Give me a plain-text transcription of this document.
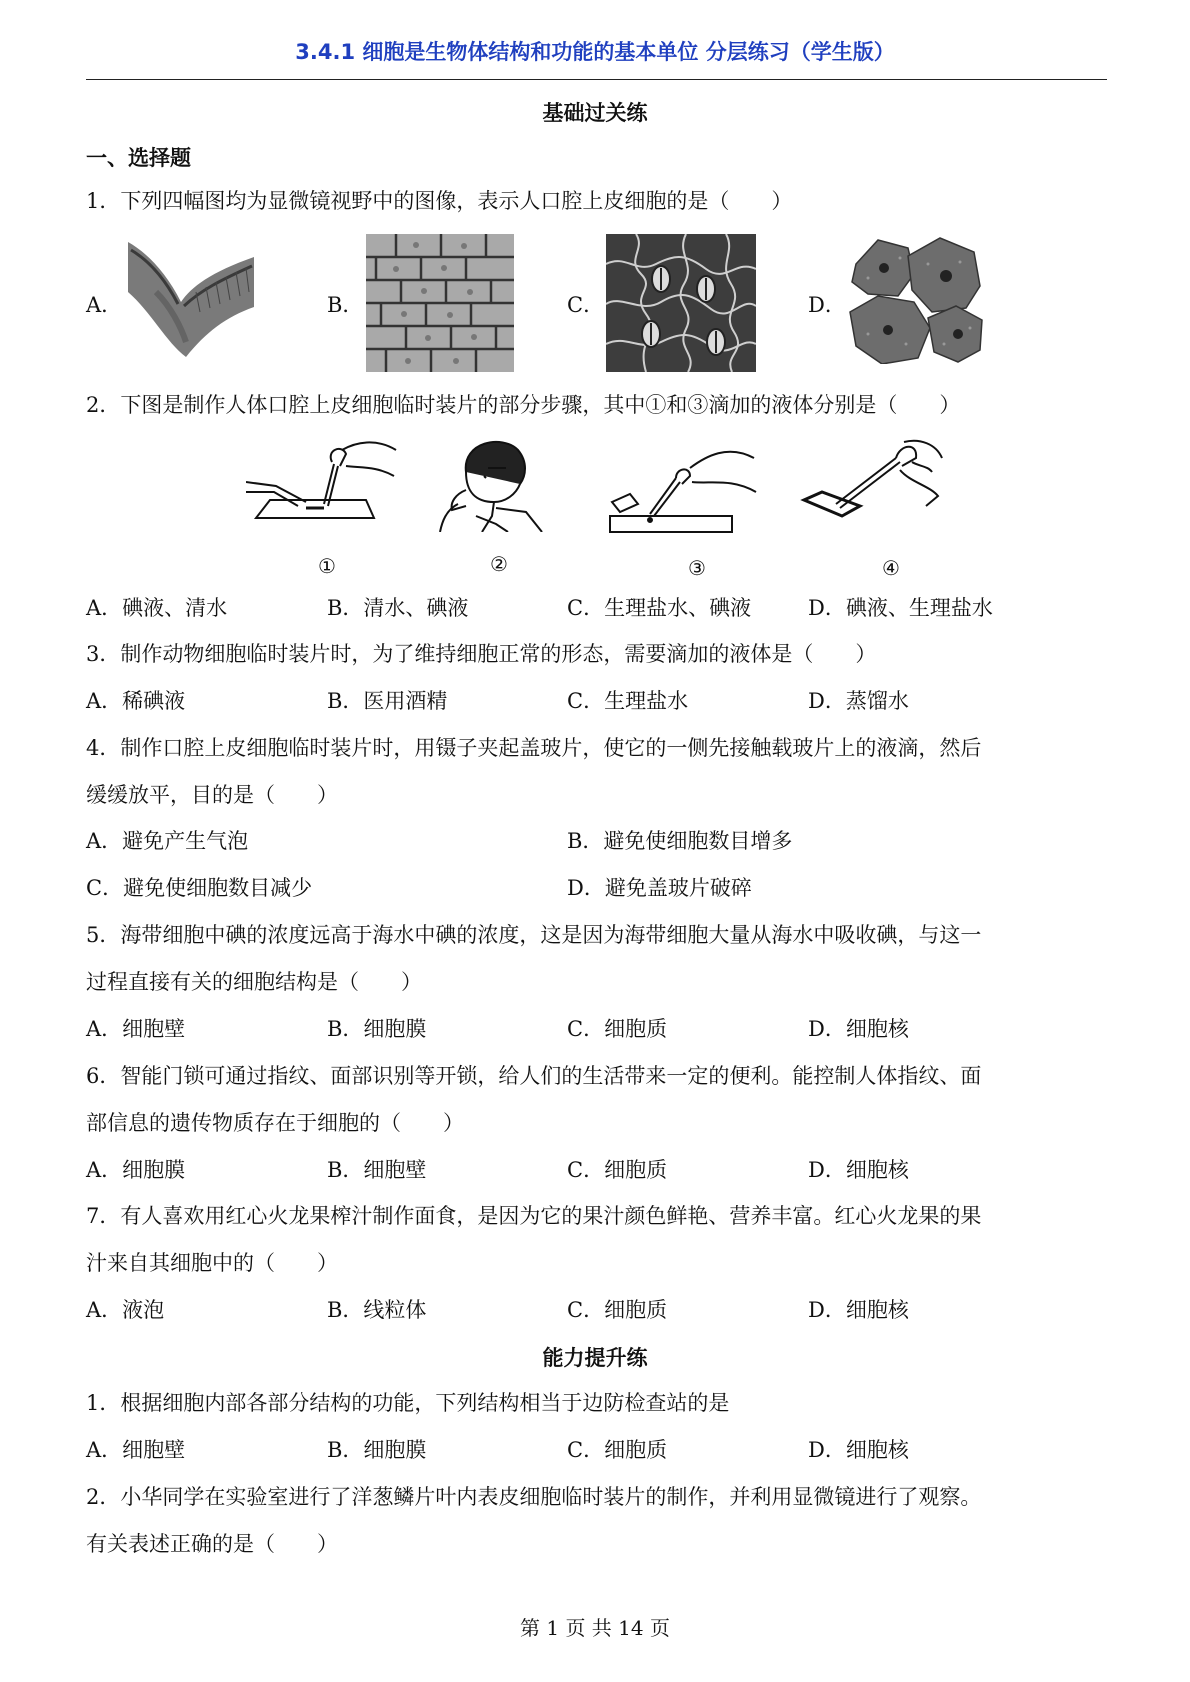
3.4.1 细胞是生物体结构和功能的基本单位 分层练习（学生版）
基础过关练
一、选择题
1．下列四幅图均为显微镜视野中的图像，表示人口腔上皮细胞的是（　　）
A．	B．	C．	D．
2．下图是制作人体口腔上皮细胞临时装片的部分步骤，其中①和③滴加的液体分别是（　　）
①	②	③	④
A．碘液、清水	B．清水、碘液	C．生理盐水、碘液	D．碘液、生理盐水
3．制作动物细胞临时装片时，为了维持细胞正常的形态，需要滴加的液体是（　　）
A．稀碘液	B．医用酒精	C．生理盐水	D．蒸馏水
4．制作口腔上皮细胞临时装片时，用镊子夹起盖玻片，使它的一侧先接触载玻片上的液滴，然后
缓缓放平，目的是（　　）
A．避免产生气泡	B．避免使细胞数目增多
C．避免使细胞数目减少	D．避免盖玻片破碎
5．海带细胞中碘的浓度远高于海水中碘的浓度，这是因为海带细胞大量从海水中吸收碘，与这一
过程直接有关的细胞结构是（　　）
A．细胞壁	B．细胞膜	C．细胞质	D．细胞核
6．智能门锁可通过指纹、面部识别等开锁，给人们的生活带来一定的便利。能控制人体指纹、面
部信息的遗传物质存在于细胞的（　　）
A．细胞膜	B．细胞壁	C．细胞质	D．细胞核
7．有人喜欢用红心火龙果榨汁制作面食，是因为它的果汁颜色鲜艳、营养丰富。红心火龙果的果
汁来自其细胞中的（　　）
A．液泡	B．线粒体	C．细胞质	D．细胞核
能力提升练
1．根据细胞内部各部分结构的功能，下列结构相当于边防检查站的是
A．细胞壁	B．细胞膜	C．细胞质	D．细胞核
2．小华同学在实验室进行了洋葱鳞片叶内表皮细胞临时装片的制作，并利用显微镜进行了观察。
有关表述正确的是（　　）
第 1 页 共 14 页
